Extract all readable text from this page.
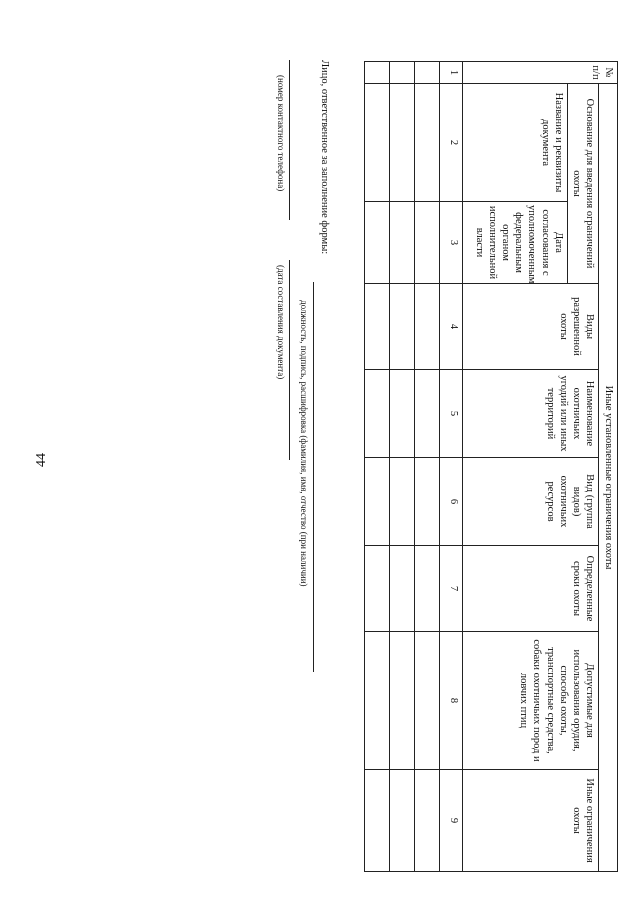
44
№ п/п	Иные установленные ограничения охоты							
	Основание для введения ограничений охоты		Виды разрешенной охоты	Наименование охотничьих угодий или иных территорий	Вид (группа видов) охотничьих ресурсов	Определенные сроки охоты	Допустимые для использования орудия, способы охоты, транспортные средства, собаки охотничьих пород и ловчих птиц	Иные ограничения охоты
	Название и реквизиты документа	Дата согласования с уполномоченным федеральным органом исполнительной власти						
1	2	3	4	5	6	7	8	9

Лицо, ответственное за заполнение формы:
должность, подпись, расшифровка (фамилия, имя, отчество (при наличии)
(номер контактного телефона)
(дата составления документа)
